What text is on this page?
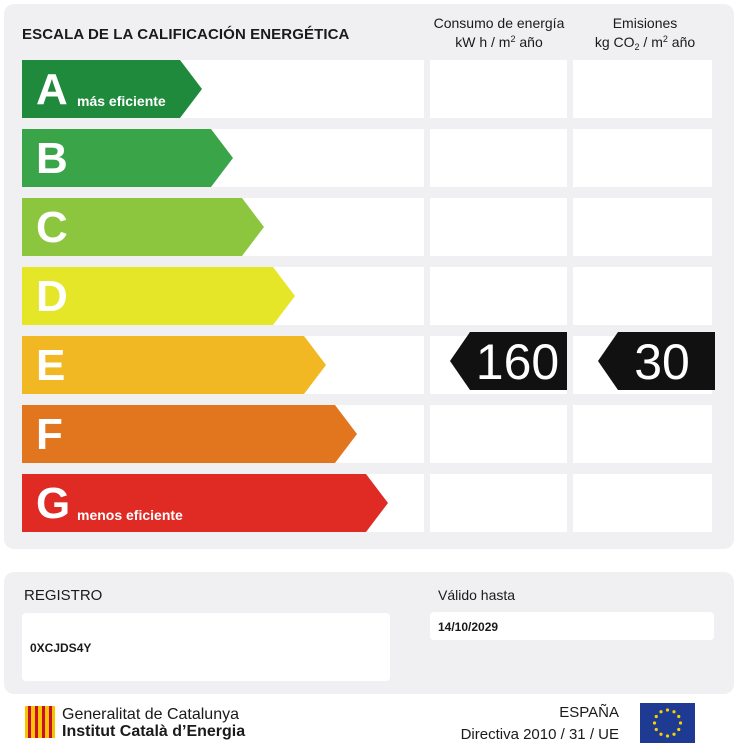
ESCALA DE LA CALIFICACIÓN ENERGÉTICA
Consumo de energía
kW h / $m^2$ año
Emisiones
kg $CO_2 / m^2$ año
A más eficiente
B
C
D
E
F
G menos eficiente
160	30
REGISTRO
0XCJDS4Y
Válido hasta
14/10/2029
Generalitat de Catalunya
Institut Català d’Energia
ESPAÑA
Directiva 2010 / 31 / UE
